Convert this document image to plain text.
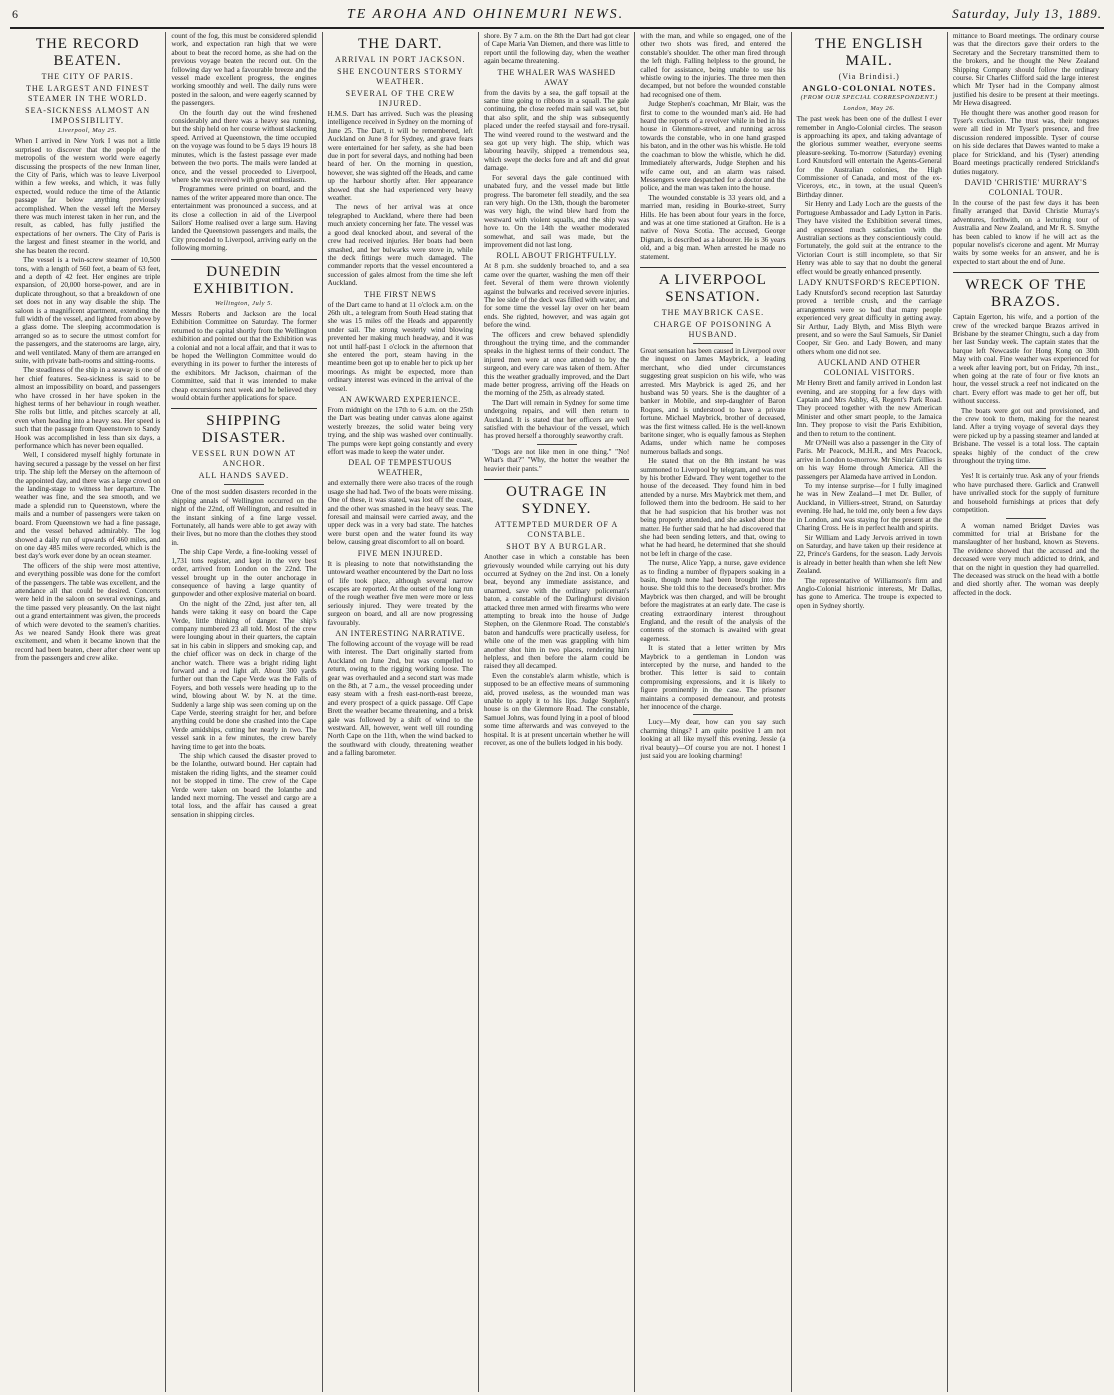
6	TE AROHA AND OHINEMURI NEWS.	Saturday, July 13, 1889.
THE RECORD BEATEN.
THE CITY OF PARIS.
THE LARGEST AND FINEST STEAMER IN THE WORLD.
SEA-SICKNESS ALMOST AN IMPOSSIBILITY.
Liverpool, May 25.

When I arrived in New York I was not a little surprised to discover that the people of the metropolis of the western world were eagerly discussing the prospects of the new Inman liner, the City of Paris, which was to leave Liverpool within a few weeks, and which, it was fully expected, would reduce the time of the Atlantic passage far below anything previously accomplished. When the vessel left the Mersey there was much interest taken in her run, and the result, as cabled, has fully justified the expectations of her owners. The City of Paris is the largest and finest steamer in the world, and she has beaten the record.

The vessel is a twin-screw steamer of 10,500 tons, with a length of 560 feet, a beam of 63 feet, and a depth of 42 feet. Her engines are triple expansion, of 20,000 horse-power, and are in duplicate throughout, so that a breakdown of one set does not in any way disable the ship. The saloon is a magnificent apartment, extending the full width of the vessel, and lighted from above by a glass dome. The sleeping accommodation is arranged so as to secure the utmost comfort for the passengers, and the staterooms are large, airy, and well ventilated. Many of them are arranged en suite, with private bath-rooms and sitting-rooms.

The steadiness of the ship in a seaway is one of her chief features. Sea-sickness is said to be almost an impossibility on board, and passengers who have crossed in her have spoken in the highest terms of her behaviour in rough weather. She rolls but little, and pitches scarcely at all, even when heading into a heavy sea. Her speed is such that the passage from Queenstown to Sandy Hook was accomplished in less than six days, a performance which has never been equalled.

Well, I considered myself highly fortunate in having secured a passage by the vessel on her first trip. The ship left the Mersey on the afternoon of the appointed day, and there was a large crowd on the landing-stage to witness her departure. The weather was fine, and the sea smooth, and we made a splendid run to Queenstown, where the mails and a number of passengers were taken on board. From Queenstown we had a fine passage, and the vessel behaved admirably. The log showed a daily run of upwards of 460 miles, and on one day 485 miles were recorded, which is the best day's work ever done by an ocean steamer.

The officers of the ship were most attentive, and everything possible was done for the comfort of the passengers. The table was excellent, and the attendance all that could be desired. Concerts were held in the saloon on several evenings, and the time passed very pleasantly. On the last night out a grand entertainment was given, the proceeds of which were devoted to the seamen's charities. As we neared Sandy Hook there was great excitement, and when it became known that the record had been beaten, cheer after cheer went up from the passengers and crew alike.

count of the fog, this must be considered splendid work, and expectation ran high that we were about to beat the record home, as she had on the previous voyage beaten the record out. On the following day we had a favourable breeze and the vessel made excellent progress, the engines working smoothly and well. The daily runs were posted in the saloon, and were eagerly scanned by the passengers.

On the fourth day out the wind freshened considerably and there was a heavy sea running, but the ship held on her course without slackening speed. Arrived at Queenstown, the time occupied on the voyage was found to be 5 days 19 hours 18 minutes, which is the fastest passage ever made between the two ports. The mails were landed at once, and the vessel proceeded to Liverpool, where she was received with great enthusiasm.

Programmes were printed on board, and the names of the writer appeared more than once. The entertainment was pronounced a success, and at its close a collection in aid of the Liverpool Sailors' Home realised over a large sum. Having landed the Queenstown passengers and mails, the City proceeded to Liverpool, arriving early on the following morning.

DUNEDIN EXHIBITION.
Wellington, July 5.

Messrs Roberts and Jackson are the local Exhibition Committee on Saturday. The former returned to the capital shortly from the Wellington exhibition and pointed out that the Exhibition was a colonial and not a local affair, and that it was to be hoped the Wellington Committee would do everything in its power to further the interests of the exhibitors. Mr Jackson, chairman of the Committee, said that it was intended to make cheap excursions next week and he believed they would obtain further applications for space.

SHIPPING DISASTER.
VESSEL RUN DOWN AT ANCHOR.
ALL HANDS SAVED.

One of the most sudden disasters recorded in the shipping annals of Wellington occurred on the night of the 22nd, off Wellington, and resulted in the instant sinking of a fine large vessel. Fortunately, all hands were able to get away with their lives, but no more than the clothes they stood in.

The ship Cape Verde, a fine-looking vessel of 1,731 tons register, and kept in the very best order, arrived from London on the 22nd. The vessel brought up in the outer anchorage in consequence of having a large quantity of gunpowder and other explosive material on board.

On the night of the 22nd, just after ten, all hands were taking it easy on board the Cape Verde, little thinking of danger. The ship's company numbered 23 all told. Most of the crew were lounging about in their quarters, the captain sat in his cabin in slippers and smoking cap, and the chief officer was on deck in charge of the anchor watch. There was a bright riding light forward and a red light aft. About 300 yards further out than the Cape Verde was the Falls of Foyers, and both vessels were heading up to the wind, blowing about W. by N. at the time. Suddenly a large ship was seen coming up on the Cape Verde, steering straight for her, and before anything could be done she crashed into the Cape Verde amidships, cutting her nearly in two. The vessel sank in a few minutes, the crew barely having time to get into the boats.

The ship which caused the disaster proved to be the Iolanthe, outward bound. Her captain had mistaken the riding lights, and the steamer could not be stopped in time. The crew of the Cape Verde were taken on board the Iolanthe and landed next morning. The vessel and cargo are a total loss, and the affair has caused a great sensation in shipping circles.

THE DART.
ARRIVAL IN PORT JACKSON.
SHE ENCOUNTERS STORMY WEATHER.
SEVERAL OF THE CREW INJURED.

H.M.S. Dart has arrived. Such was the pleasing intelligence received in Sydney on the morning of June 25. The Dart, it will be remembered, left Auckland on June 8 for Sydney, and grave fears were entertained for her safety, as she had been due in port for several days, and nothing had been heard of her. On the morning in question, however, she was sighted off the Heads, and came up the harbour shortly after. Her appearance showed that she had experienced very heavy weather.

The news of her arrival was at once telegraphed to Auckland, where there had been much anxiety concerning her fate. The vessel was a good deal knocked about, and several of the crew had received injuries. Her boats had been smashed, and her bulwarks were stove in, while the deck fittings were much damaged. The commander reports that the vessel encountered a succession of gales almost from the time she left Auckland.

THE FIRST NEWS

of the Dart came to hand at 11 o'clock a.m. on the 26th ult., a telegram from South Head stating that she was 15 miles off the Heads and apparently under sail. The strong westerly wind blowing prevented her making much headway, and it was not until half-past 1 o'clock in the afternoon that she entered the port, steam having in the meantime been got up to enable her to pick up her moorings. As might be expected, more than ordinary interest was evinced in the arrival of the vessel.

AN AWKWARD EXPERIENCE.

From midnight on the 17th to 6 a.m. on the 25th the Dart was beating under canvas alone against westerly breezes, the solid water being very trying, and the ship was washed over continually. The pumps were kept going constantly and every effort was made to keep the water under.

DEAL OF TEMPESTUOUS WEATHER,

and externally there were also traces of the rough usage she had had. Two of the boats were missing. One of these, it was stated, was lost off the coast, and the other was smashed in the heavy seas. The foresail and mainsail were carried away, and the upper deck was in a very bad state. The hatches were burst open and the water found its way below, causing great discomfort to all on board.

FIVE MEN INJURED.

It is pleasing to note that notwithstanding the untoward weather encountered by the Dart no loss of life took place, although several narrow escapes are reported. At the outset of the long run of the rough weather five men were more or less seriously injured. They were treated by the surgeon on board, and all are now progressing favourably.

AN INTERESTING NARRATIVE.

The following account of the voyage will be read with interest. The Dart originally started from Auckland on June 2nd, but was compelled to return, owing to the rigging working loose. The gear was overhauled and a second start was made on the 8th, at 7 a.m., the vessel proceeding under easy steam with a fresh east-north-east breeze, and every prospect of a quick passage. Off Cape Brett the weather became threatening, and a brisk gale was followed by a shift of wind to the westward. All, however, went well till rounding North Cape on the 11th, when the wind backed to the southward with cloudy, threatening weather and a falling barometer.

shore. By 7 a.m. on the 8th the Dart had got clear of Cape Maria Van Diemen, and there was little to report until the following day, when the weather again became threatening.

THE WHALER WAS WASHED AWAY

from the davits by a sea, the gaff topsail at the same time going to ribbons in a squall. The gale continuing, the close reefed main sail was set, but that also split, and the ship was subsequently placed under the reefed staysail and fore-trysail. The wind veered round to the westward and the sea got up very high. The ship, which was labouring heavily, shipped a tremendous sea, which swept the decks fore and aft and did great damage.

For several days the gale continued with unabated fury, and the vessel made but little progress. The barometer fell steadily, and the sea ran very high. On the 13th, though the barometer was very high, the wind blew hard from the westward with violent squalls, and the ship was hove to. On the 14th the weather moderated somewhat, and sail was made, but the improvement did not last long.

ROLL ABOUT FRIGHTFULLY.

At 8 p.m. she suddenly broached to, and a sea came over the quarter, washing the men off their feet. Several of them were thrown violently against the bulwarks and received severe injuries. The lee side of the deck was filled with water, and for some time the vessel lay over on her beam ends. She righted, however, and was again got before the wind.

The officers and crew behaved splendidly throughout the trying time, and the commander speaks in the highest terms of their conduct. The injured men were at once attended to by the surgeon, and every care was taken of them. After this the weather gradually improved, and the Dart made better progress, arriving off the Heads on the morning of the 25th, as already stated.

The Dart will remain in Sydney for some time undergoing repairs, and will then return to Auckland. It is stated that her officers are well satisfied with the behaviour of the vessel, which has proved herself a thoroughly seaworthy craft.

"Dogs are not like men in one thing." "No! What's that?" "Why, the hotter the weather the heavier their pants."

OUTRAGE IN SYDNEY.
ATTEMPTED MURDER OF A CONSTABLE.
SHOT BY A BURGLAR.

Another case in which a constable has been grievously wounded while carrying out his duty occurred at Sydney on the 2nd inst. On a lonely beat, beyond any immediate assistance, and unarmed, save with the ordinary policeman's baton, a constable of the Darlinghurst division attacked three men armed with firearms who were attempting to break into the house of Judge Stephen, on the Glenmore Road. The constable's baton and handcuffs were practically useless, for while one of the men was grappling with him another shot him in two places, rendering him helpless, and then before the alarm could be raised they all decamped.

Even the constable's alarm whistle, which is supposed to be an effective means of summoning aid, proved useless, as the wounded man was unable to apply it to his lips. Judge Stephen's house is on the Glenmore Road. The constable, Samuel Johns, was found lying in a pool of blood some time afterwards and was conveyed to the hospital. It is at present uncertain whether he will recover, as one of the bullets lodged in his body.

with the man, and while so engaged, one of the other two shots was fired, and entered the constable's shoulder. The other man fired through the left thigh. Falling helpless to the ground, he called for assistance, being unable to use his whistle owing to the injuries. The three men then decamped, but not before the wounded constable had recognised one of them.

Judge Stephen's coachman, Mr Blair, was the first to come to the wounded man's aid. He had heard the reports of a revolver while in bed in his house in Glenmore-street, and running across towards the constable, who in one hand grasped his baton, and in the other was his whistle. He told the coachman to blow the whistle, which he did. Immediately afterwards, Judge Stephen and his wife came out, and an alarm was raised. Messengers were despatched for a doctor and the police, and the man was taken into the house.

The wounded constable is 33 years old, and a married man, residing in Bourke-street, Surry Hills. He has been about four years in the force, and was at one time stationed at Grafton. He is a native of Nova Scotia. The accused, George Dignam, is described as a labourer. He is 36 years old, and a big man. When arrested he made no statement.

A LIVERPOOL SENSATION.
THE MAYBRICK CASE.
CHARGE OF POISONING A HUSBAND.

Great sensation has been caused in Liverpool over the inquest on James Maybrick, a leading merchant, who died under circumstances suggesting great suspicion on his wife, who was arrested. Mrs Maybrick is aged 26, and her husband was 50 years. She is the daughter of a banker in Mobile, and step-daughter of Baron Roques, and is understood to have a private fortune. Michael Maybrick, brother of deceased, was the first witness called. He is the well-known baritone singer, who is equally famous as Stephen Adams, under which name he composes numerous ballads and songs.

He stated that on the 8th instant he was summoned to Liverpool by telegram, and was met by his brother Edward. They went together to the house of the deceased. They found him in bed attended by a nurse. Mrs Maybrick met them, and followed them into the bedroom. He said to her that he had suspicion that his brother was not being properly attended, and she asked about the matter. He further said that he had discovered that she had been sending letters, and that, owing to what he had heard, he determined that she should not be left in charge of the case.

The nurse, Alice Yapp, a nurse, gave evidence as to finding a number of flypapers soaking in a basin, though none had been brought into the house. She told this to the deceased's brother. Mrs Maybrick was then charged, and will be brought before the magistrates at an early date. The case is creating extraordinary interest throughout England, and the result of the analysis of the contents of the stomach is awaited with great eagerness.

It is stated that a letter written by Mrs Maybrick to a gentleman in London was intercepted by the nurse, and handed to the brother. This letter is said to contain compromising expressions, and it is likely to figure prominently in the case. The prisoner maintains a composed demeanour, and protests her innocence of the charge.

Lucy—My dear, how can you say such charming things? I am quite positive I am not looking at all like myself this evening. Jessie (a rival beauty)—Of course you are not. I honest I just said you are looking charming!

THE ENGLISH MAIL.
(Via Brindisi.)
ANGLO-COLONIAL NOTES.
(FROM OUR SPECIAL CORRESPONDENT.)
London, May 26.

The past week has been one of the dullest I ever remember in Anglo-Colonial circles. The season is approaching its apex, and taking advantage of the glorious summer weather, everyone seems pleasure-seeking. To-morrow (Saturday) evening Lord Knutsford will entertain the Agents-General for the Australian colonies, the High Commissioner of Canada, and most of the ex-Viceroys, etc., in town, at the usual Queen's Birthday dinner.

Sir Henry and Lady Loch are the guests of the Portuguese Ambassador and Lady Lytton in Paris. They have visited the Exhibition several times, and expressed much satisfaction with the Australian sections as they conscientiously could. Fortunately, the gold suit at the entrance to the Victorian Court is still incomplete, so that Sir Henry was able to say that no doubt the general effect would be greatly enhanced presently.

LADY KNUTSFORD'S RECEPTION.

Lady Knutsford's second reception last Saturday proved a terrible crush, and the carriage arrangements were so bad that many people experienced very great difficulty in getting away. Sir Arthur, Lady Blyth, and Miss Blyth were present, and so were the Saul Samuels, Sir Daniel Cooper, Sir Geo. and Lady Bowen, and many others whom one did not see.

AUCKLAND AND OTHER COLONIAL VISITORS.

Mr Henry Brett and family arrived in London last evening, and are stopping for a few days with Captain and Mrs Ashby, 43, Regent's Park Road. They proceed together with the new American Minister and other smart people, to the Jamaica Inn. They propose to visit the Paris Exhibition, and then to return to the continent.

Mr O'Neill was also a passenger in the City of Paris. Mr Peacock, M.H.R., and Mrs Peacock, arrive in London to-morrow. Mr Sinclair Gillies is on his way Home through America. All the passengers per Alameda have arrived in London.

To my intense surprise—for I fully imagined he was in New Zealand—I met Dr. Buller, of Auckland, in Villiers-street, Strand, on Saturday evening. He had, he told me, only been a few days in London, and was staying for the present at the Charing Cross. He is in perfect health and spirits.

Sir William and Lady Jervois arrived in town on Saturday, and have taken up their residence at 22, Prince's Gardens, for the season. Lady Jervois is already in better health than when she left New Zealand.

The representative of Williamson's firm and Anglo-Colonial histrionic interests, Mr Dallas, has gone to America. The troupe is expected to open in Sydney shortly.

mittance to Board meetings. The ordinary course was that the directors gave their orders to the Secretary and the Secretary transmitted them to the brokers, and he thought the New Zealand Shipping Company should follow the ordinary course. Sir Charles Clifford said the large interest which Mr Tyser had in the Company almost justified his desire to be present at their meetings. Mr Hewa disagreed.

He thought there was another good reason for Tyser's exclusion. The trust was, their tongues were all tied in Mr Tyser's presence, and free discussion rendered impossible. Tyser of course on his side declares that Dawes wanted to make a place for Strickland, and his (Tyser) attending Board meetings practically rendered Strickland's duties nugatory.

DAVID 'CHRISTIE' MURRAY'S COLONIAL TOUR.

In the course of the past few days it has been finally arranged that David Christie Murray's adventures, forthwith, on a lecturing tour of Australia and New Zealand, and Mr R. S. Smythe has been cabled to know if he will act as the popular novelist's cicerone and agent. Mr Murray waits by some weeks for an answer, and he is expected to start about the end of June.

WRECK OF THE BRAZOS.

Captain Egerton, his wife, and a portion of the crew of the wrecked barque Brazos arrived in Brisbane by the steamer Chingtu, such a day from her last Sunday week. The captain states that the barque left Newcastle for Hong Kong on 30th May with coal. Fine weather was experienced for a week after leaving port, but on Friday, 7th inst., when going at the rate of four or five knots an hour, the vessel struck a reef not indicated on the chart. Every effort was made to get her off, but without success.

The boats were got out and provisioned, and the crew took to them, making for the nearest land. After a trying voyage of several days they were picked up by a passing steamer and landed at Brisbane. The vessel is a total loss. The captain speaks highly of the conduct of the crew throughout the trying time.

Yes! It is certainly true. Ask any of your friends who have purchased there. Garlick and Cranwell have unrivalled stock for the supply of furniture and household furnishings at prices that defy competition.

A woman named Bridget Davies was committed for trial at Brisbane for the manslaughter of her husband, known as Stevens. The evidence showed that the accused and the deceased were very much addicted to drink, and that on the night in question they had quarrelled. The deceased was struck on the head with a bottle and died shortly after. The woman was deeply affected in the dock.
